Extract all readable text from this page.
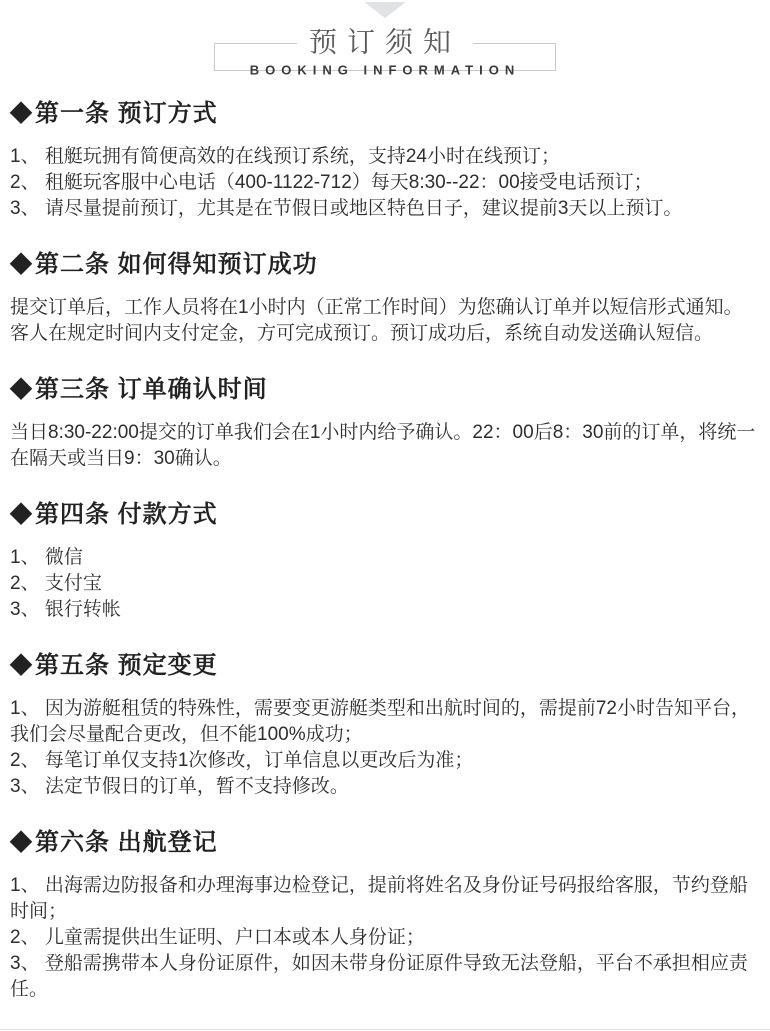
预订须知
BOOKING INFORMATION
◆第一条 预订方式

1、 租艇玩拥有简便高效的在线预订系统，支持24小时在线预订；

2、 租艇玩客服中心电话（400-1122-712）每天8:30--22：00接受电话预订；

3、 请尽量提前预订，尤其是在节假日或地区特色日子，建议提前3天以上预订。

◆第二条 如何得知预订成功

提交订单后，工作人员将在1小时内（正常工作时间）为您确认订单并以短信形式通知。客人在规定时间内支付定金，方可完成预订。预订成功后，系统自动发送确认短信。

◆第三条 订单确认时间

当日8:30-22:00提交的订单我们会在1小时内给予确认。22：00后8：30前的订单，将统一在隔天或当日9：30确认。

◆第四条 付款方式

1、 微信

2、 支付宝

3、 银行转帐

◆第五条 预定变更

1、 因为游艇租赁的特殊性，需要变更游艇类型和出航时间的，需提前72小时告知平台，我们会尽量配合更改，但不能100%成功；

2、 每笔订单仅支持1次修改，订单信息以更改后为准；

3、 法定节假日的订单，暂不支持修改。

◆第六条 出航登记

1、 出海需边防报备和办理海事边检登记，提前将姓名及身份证号码报给客服，节约登船时间；

2、 儿童需提供出生证明、户口本或本人身份证；

3、 登船需携带本人身份证原件，如因未带身份证原件导致无法登船，平台不承担相应责任。
